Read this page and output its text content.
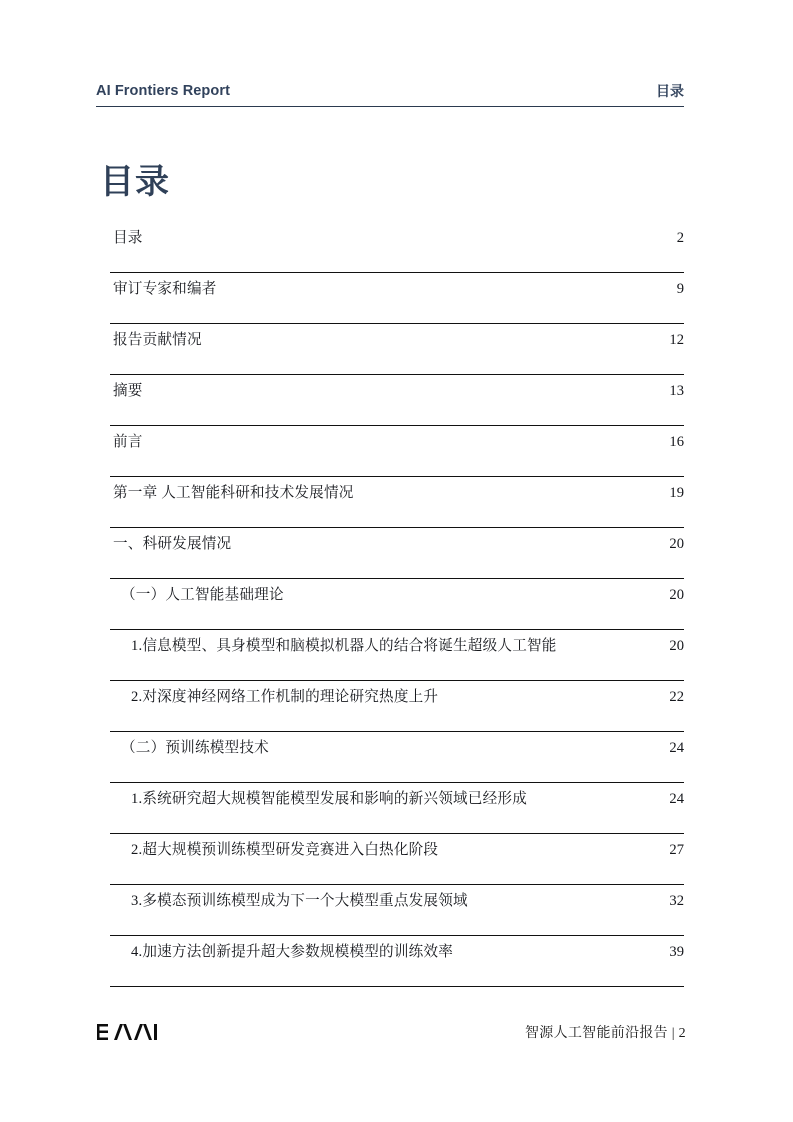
AI Frontiers Report	目录
目录
目录	2
审订专家和编者	9
报告贡献情况	12
摘要	13
前言	16
第一章 人工智能科研和技术发展情况	19
一、科研发展情况	20
（一）人工智能基础理论	20
1.信息模型、具身模型和脑模拟机器人的结合将诞生超级人工智能	20
2.对深度神经网络工作机制的理论研究热度上升	22
（二）预训练模型技术	24
1.系统研究超大规模智能模型发展和影响的新兴领域已经形成	24
2.超大规模预训练模型研发竞赛进入白热化阶段	27
3.多模态预训练模型成为下一个大模型重点发展领域	32
4.加速方法创新提升超大参数规模模型的训练效率	39
智源人工智能前沿报告 | 2
